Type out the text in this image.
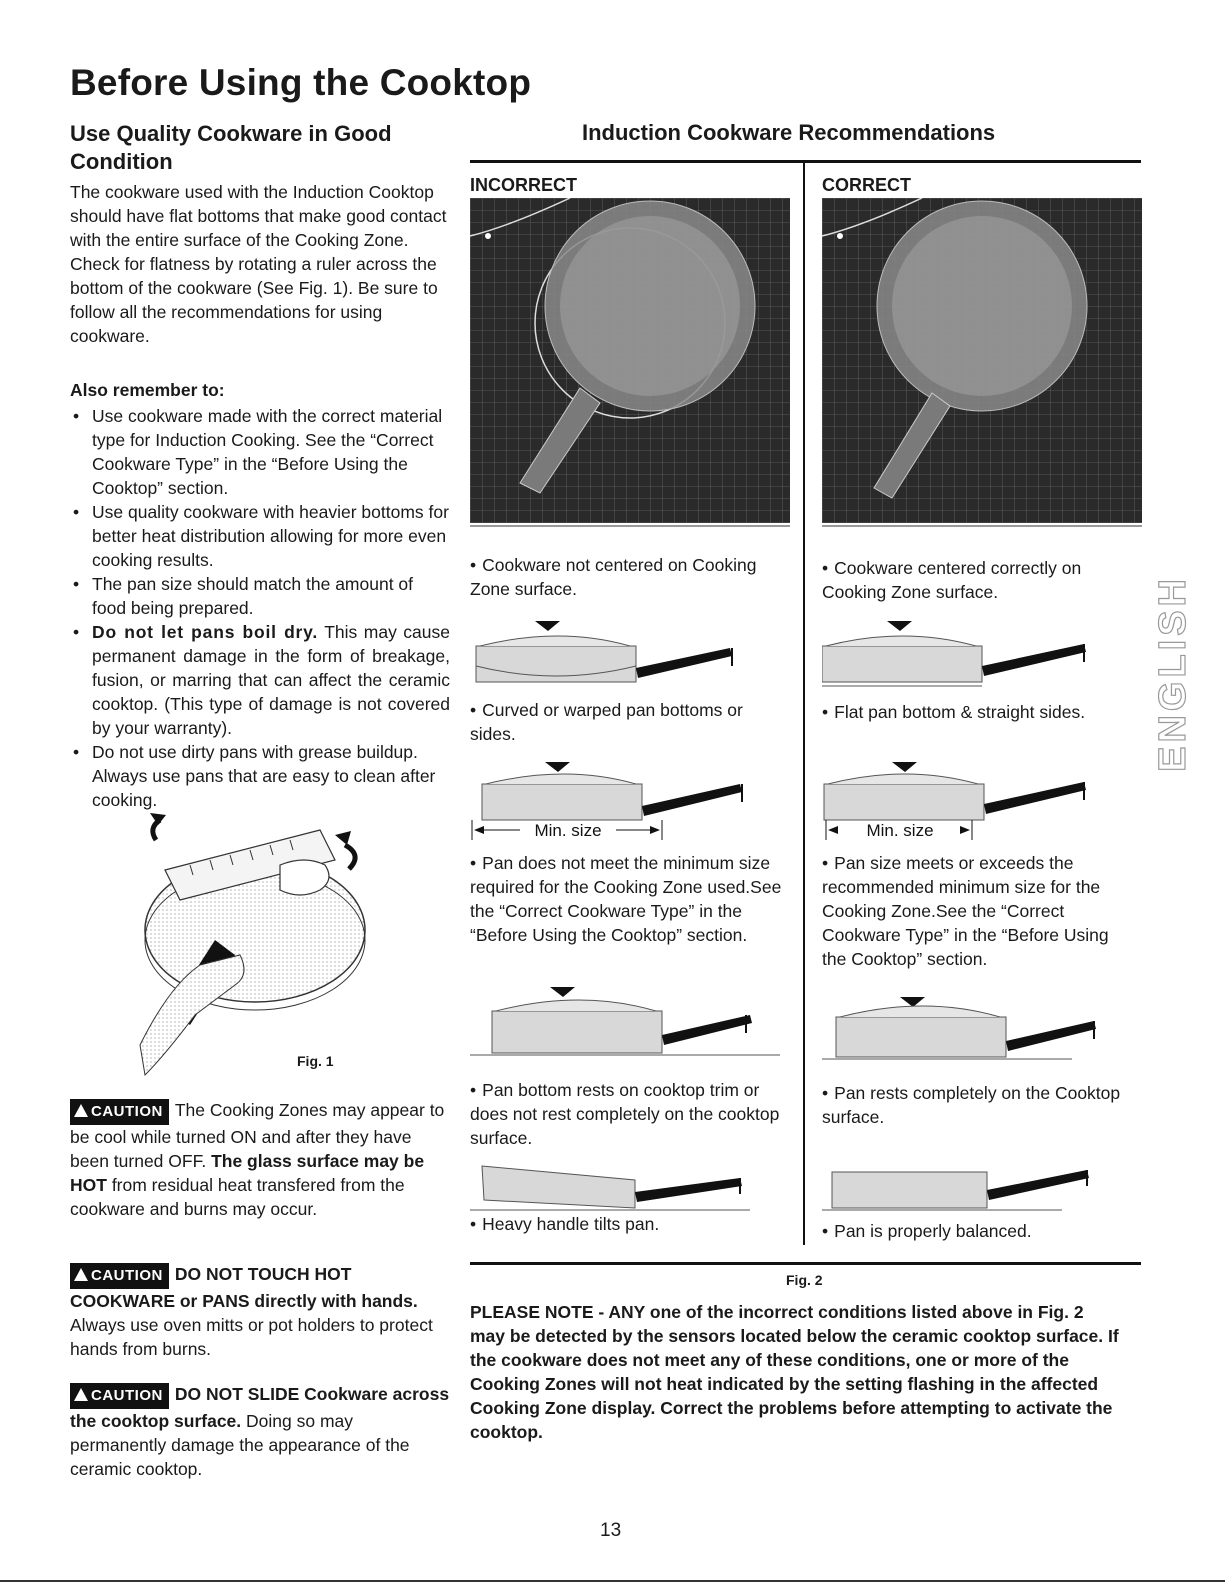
Before Using the Cooktop
Use Quality Cookware in Good Condition
Induction Cookware Recommendations
The cookware used with the Induction Cooktop should have flat bottoms that make good contact with the entire surface of the Cooking Zone. Check for flatness by rotating a ruler across the bottom of the cookware (See Fig. 1). Be sure to follow all the recommendations for using cookware.
Also remember to:
• Use cookware made with the correct material type for Induction Cooking. See the “Correct Cookware Type” in the “Before Using the Cooktop” section.
• Use quality cookware with heavier bottoms for better heat distribution allowing for more even cooking results.
• The pan size should match the amount of food being prepared.
• Do not let pans boil dry. This may cause permanent damage in the form of breakage, fusion, or marring that can affect the ceramic cooktop. (This type of damage is not covered by your warranty).
• Do not use dirty pans with grease buildup. Always use pans that are easy to clean after cooking.
Fig. 1
CAUTION The Cooking Zones may appear to be cool while turned ON and after they have been turned OFF. The glass surface may be HOT from residual heat transfered from the cookware and burns may occur.
CAUTION DO NOT TOUCH HOT COOKWARE or PANS directly with hands. Always use oven mitts or pot holders to protect hands from burns.
CAUTION DO NOT SLIDE Cookware across the cooktop surface. Doing so may permanently damage the appearance of the ceramic cooktop.
INCORRECT	CORRECT
• Cookware not centered on Cooking Zone surface.
• Curved or warped pan bottoms or sides.
• Pan does not meet the minimum size required for the Cooking Zone used.See the “Correct Cookware Type” in the “Before Using the Cooktop” section.
• Pan bottom rests on cooktop trim or does not rest completely on the cooktop surface.
• Heavy handle tilts pan.
• Cookware centered correctly on Cooking Zone surface.
• Flat pan bottom & straight sides.
• Pan size meets or exceeds the recommended minimum size for the Cooking Zone.See the “Correct Cookware Type” in the “Before Using the Cooktop” section.
• Pan rests completely on the Cooktop surface.
• Pan is properly balanced.
Min. size	Min. size
Fig. 2
PLEASE NOTE - ANY one of the incorrect conditions listed above in Fig. 2 may be detected by the sensors located below the ceramic cooktop surface. If the cookware does not meet any of these conditions, one or more of the Cooking Zones will not heat indicated by the setting flashing in the affected Cooking Zone display. Correct the problems before attempting to activate the cooktop.
ENGLISH
13
